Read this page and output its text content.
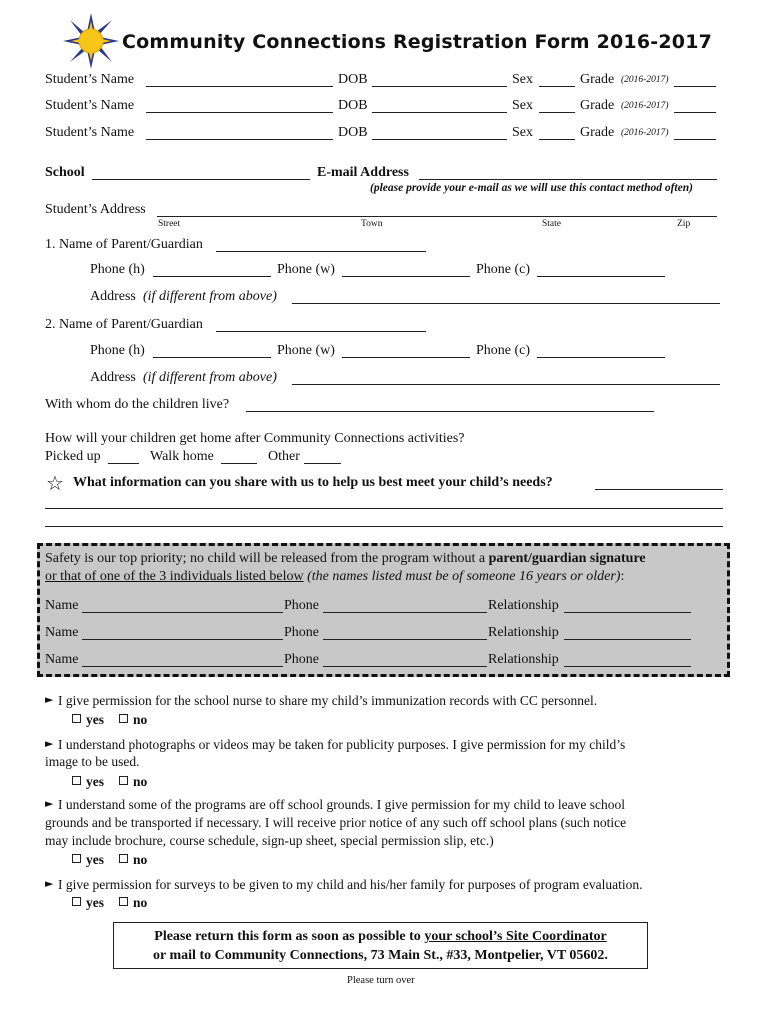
Community Connections Registration Form 2016-2017
Student’s Name	DOB	Sex	Grade (2016-2017)
Student’s Name	DOB	Sex	Grade (2016-2017)
Student’s Name	DOB	Sex	Grade (2016-2017)
School	E-mail Address
(please provide your e-mail as we will use this contact method often)
Student’s Address
Street	Town	State	Zip
1. Name of Parent/Guardian
Phone (h)	Phone (w)	Phone (c)
Address (if different from above)
2. Name of Parent/Guardian
Phone (h)	Phone (w)	Phone (c)
Address (if different from above)
With whom do the children live?
How will your children get home after Community Connections activities?
Picked up	Walk home	Other
☆ What information can you share with us to help us best meet your child’s needs?
Safety is our top priority; no child will be released from the program without a parent/guardian signature
or that of one of the 3 individuals listed below (the names listed must be of someone 16 years or older):
Name	Phone	Relationship
Name	Phone	Relationship
Name	Phone	Relationship
► I give permission for the school nurse to share my child’s immunization records with CC personnel.
yes	no
► I understand photographs or videos may be taken for publicity purposes. I give permission for my child’s
image to be used.
yes	no
► I understand some of the programs are off school grounds. I give permission for my child to leave school
grounds and be transported if necessary. I will receive prior notice of any such off school plans (such notice
may include brochure, course schedule, sign-up sheet, special permission slip, etc.)
yes	no
► I give permission for surveys to be given to my child and his/her family for purposes of program evaluation.
yes	no
Please return this form as soon as possible to your school’s Site Coordinator
or mail to Community Connections, 73 Main St., #33, Montpelier, VT 05602.
Please turn over
